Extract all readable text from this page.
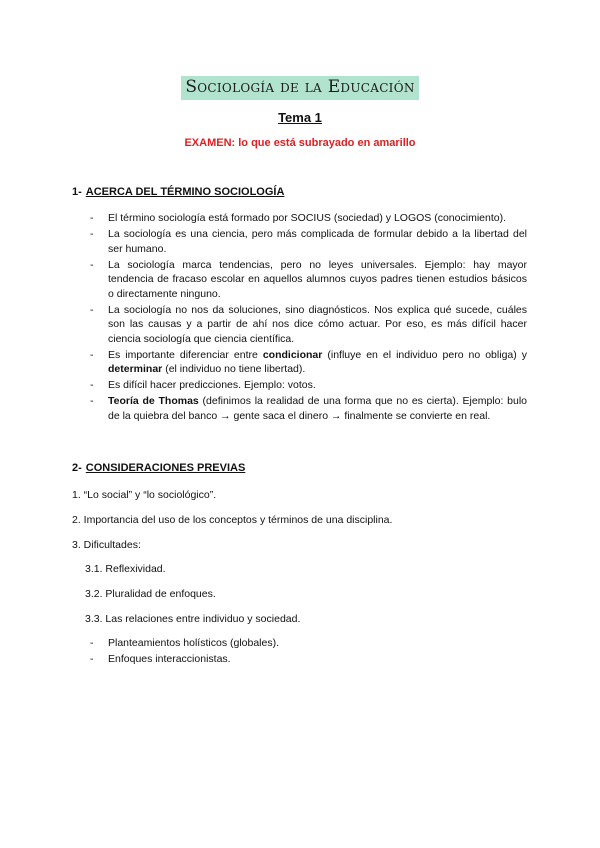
Sociología de la Educación
Tema 1
EXAMEN: lo que está subrayado en amarillo
1- ACERCA DEL TÉRMINO SOCIOLOGÍA
- El término sociología está formado por SOCIUS (sociedad) y LOGOS (conocimiento).
- La sociología es una ciencia, pero más complicada de formular debido a la libertad del ser humano.
- La sociología marca tendencias, pero no leyes universales. Ejemplo: hay mayor tendencia de fracaso escolar en aquellos alumnos cuyos padres tienen estudios básicos o directamente ninguno.
- La sociología no nos da soluciones, sino diagnósticos. Nos explica qué sucede, cuáles son las causas y a partir de ahí nos dice cómo actuar. Por eso, es más difícil hacer ciencia sociología que ciencia científica.
- Es importante diferenciar entre condicionar (influye en el individuo pero no obliga) y determinar (el individuo no tiene libertad).
- Es difícil hacer predicciones. Ejemplo: votos.
- Teoría de Thomas (definimos la realidad de una forma que no es cierta). Ejemplo: bulo de la quiebra del banco → gente saca el dinero → finalmente se convierte en real.
2- CONSIDERACIONES PREVIAS
1. “Lo social” y “lo sociológico”.
2. Importancia del uso de los conceptos y términos de una disciplina.
3. Dificultades:
3.1. Reflexividad.
3.2. Pluralidad de enfoques.
3.3. Las relaciones entre individuo y sociedad.
- Planteamientos holísticos (globales).
- Enfoques interaccionistas.
